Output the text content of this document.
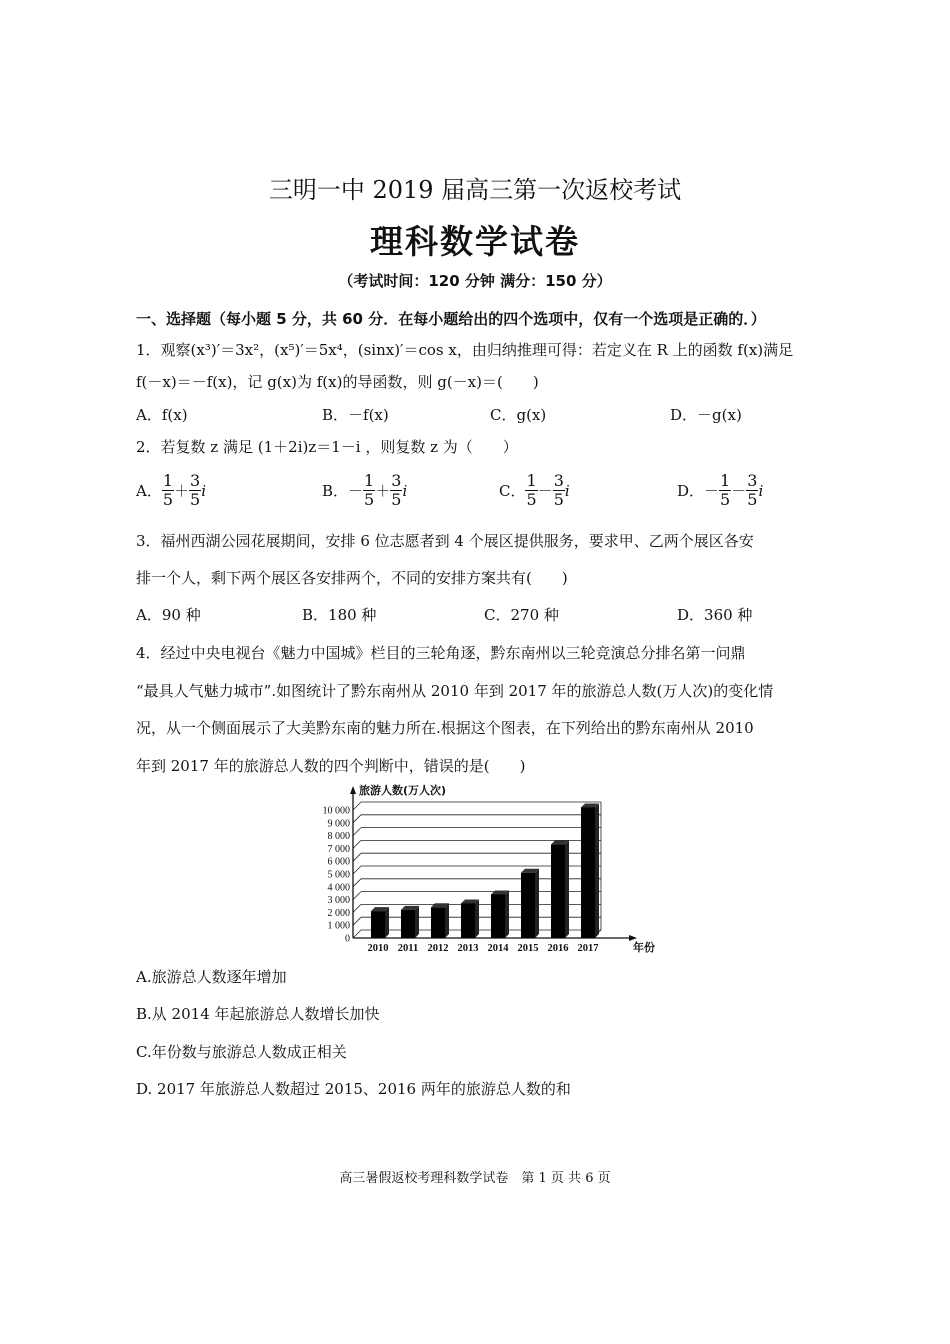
三明一中 2019 届高三第一次返校考试
理科数学试卷
（考试时间：120 分钟 满分：150 分）
一、选择题（每小题 5 分，共 60 分．在每小题给出的四个选项中，仅有一个选项是正确的．）
1．观察(x³)′＝3x²，(x⁵)′＝5x⁴，(sinx)′＝cos x，由归纳推理可得：若定义在 R 上的函数 f(x)满足
f(－x)＝－f(x)，记 g(x)为 f(x)的导函数，则 g(－x)＝(　　)
A．f(x)	B．－f(x)	C．g(x)	D．－g(x)
2．若复数 z 满足 (1＋2i)z＝1－i ，则复数 z 为（　　）
A． $\frac{1}{5} + \frac{3}{5}$ i	B． － $\frac{1}{5} + \frac{3}{5}$ i	C． $\frac{1}{5} - \frac{3}{5}$ i	D． － $\frac{1}{5} - \frac{3}{5}$ i
3．福州西湖公园花展期间，安排 6 位志愿者到 4 个展区提供服务，要求甲、乙两个展区各安
排一个人，剩下两个展区各安排两个，不同的安排方案共有(　　)
A．90 种	B．180 种	C．270 种	D．360 种
4．经过中央电视台《魅力中国城》栏目的三轮角逐，黔东南州以三轮竞演总分排名第一问鼎
“最具人气魅力城市”.如图统计了黔东南州从 2010 年到 2017 年的旅游总人数(万人次)的变化情
况，从一个侧面展示了大美黔东南的魅力所在.根据这个图表，在下列给出的黔东南州从 2010
年到 2017 年的旅游总人数的四个判断中，错误的是(　　)
0
1 000
2 000
3 000
4 000
5 000
6 000
7 000
8 000
9 000
10 000
旅游人数(万人次)
年份
2010 2011 2012 2013 2014 2015 2016 2017
A.旅游总人数逐年增加
B.从 2014 年起旅游总人数增长加快
C.年份数与旅游总人数成正相关
D. 2017 年旅游总人数超过 2015、2016 两年的旅游总人数的和
高三暑假返校考理科数学试卷　第 1 页 共 6 页
